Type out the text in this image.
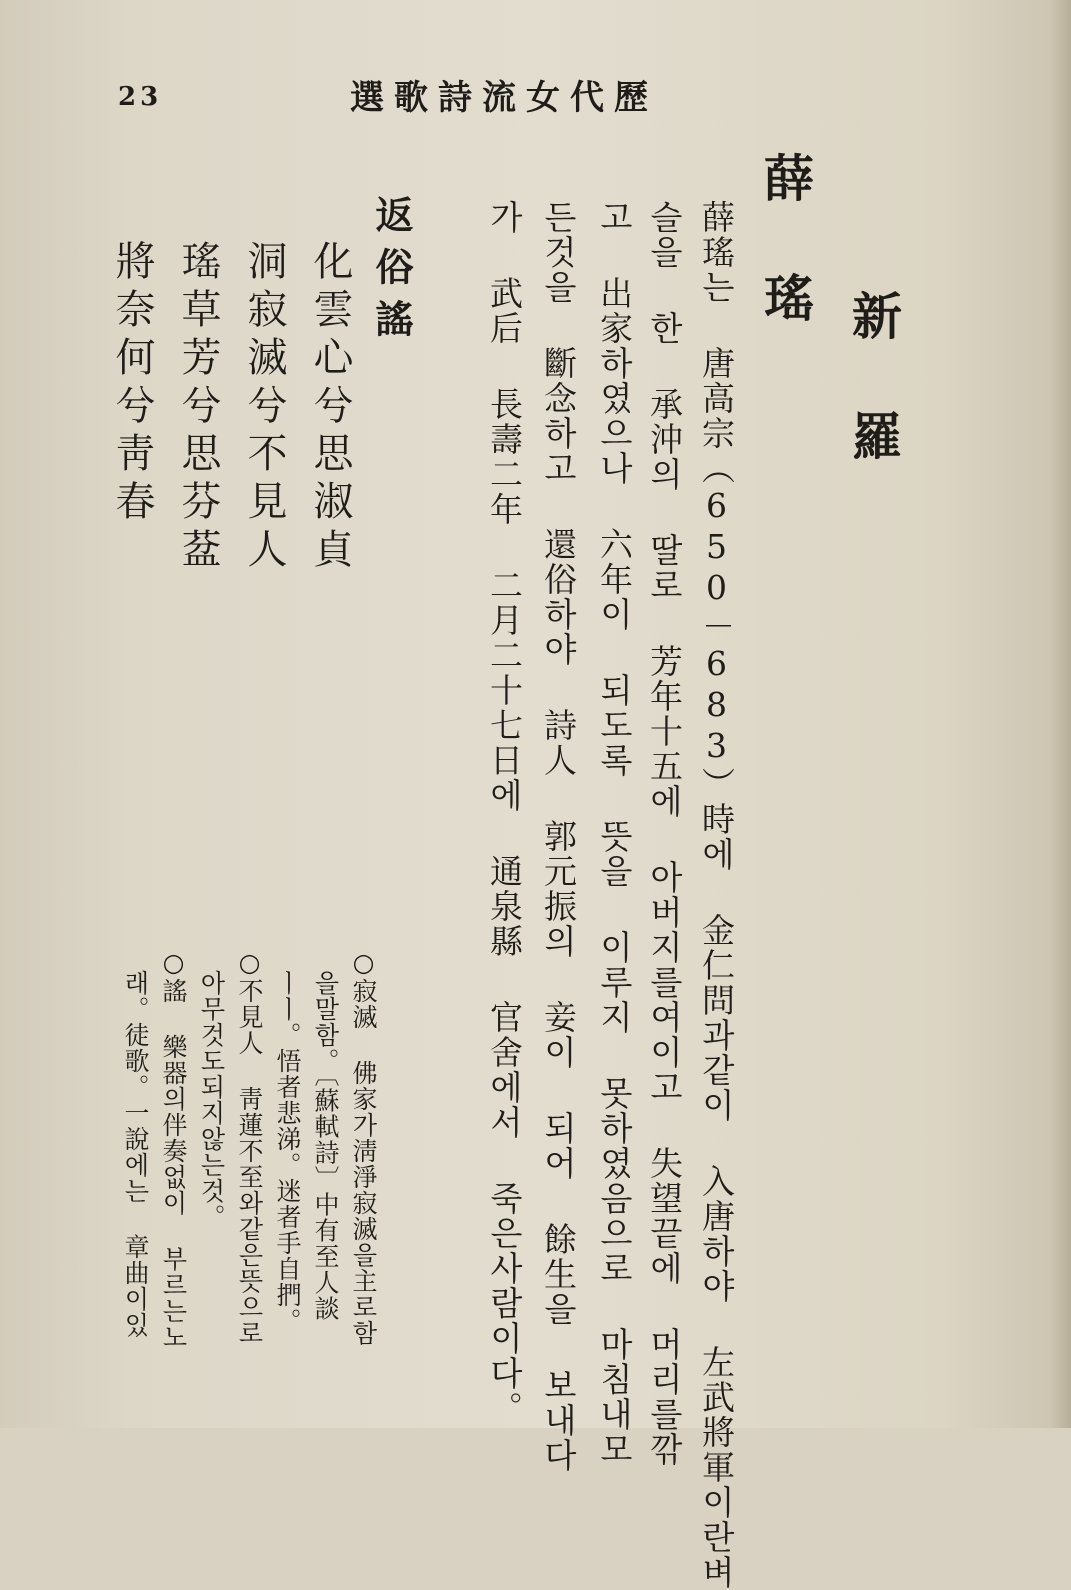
23	選歌詩流女代歷
新羅
薛瑤
薛瑤는 唐高宗（650－683）時에 金仁問과같이 入唐하야 左武將軍이란벼
슬을 한 承沖의 딸로 芳年十五에 아버지를여이고 失望끝에 머리를깎
고 出家하였으나 六年이 되도록 뜻을 이루지 못하였음으로 마침내모
든것을 斷念하고 還俗하야 詩人 郭元振의 妾이 되어 餘生을 보내다
가 武后 長壽二年 二月二十七日에 通泉縣 官舍에서 죽은사람이다。
返俗謠
化雲心兮思淑貞
洞寂滅兮不見人
瑤草芳兮思芬葐
將奈何兮靑春
○寂滅 佛家가淸淨寂滅을主로함
을말함。〔蘇軾詩〕中有至人談
ㅣㅣ。悟者悲涕。迷者手自捫。
○不見人 靑蓮不至와같은뜻으로
아무것도되지않는것。
○謠 樂器의伴奏없이 부르는노
래。徒歌。一說에는 章曲이있
